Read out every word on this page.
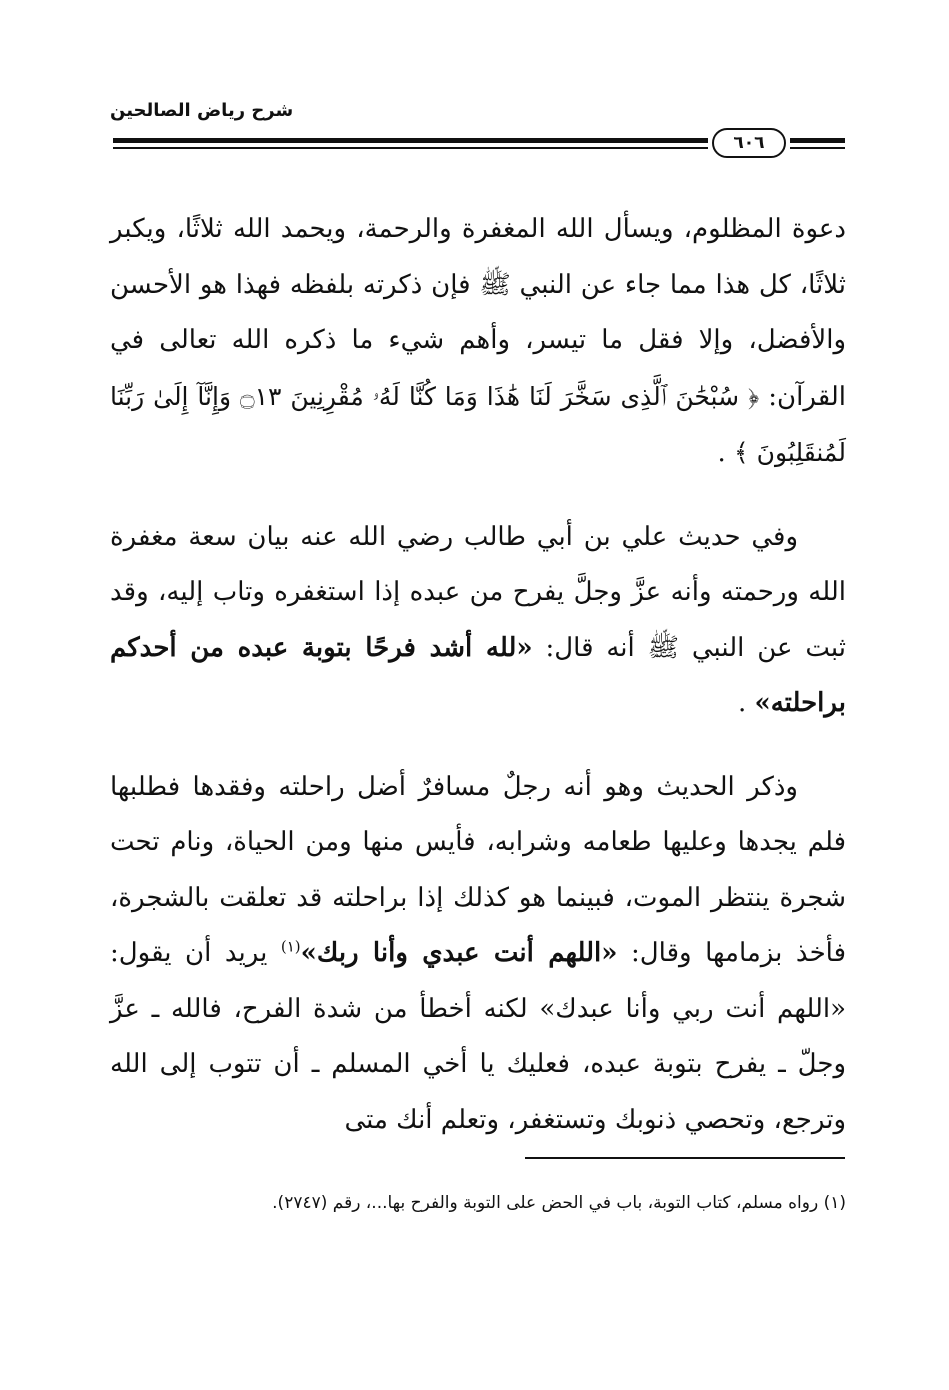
شرح رياض الصالحين
٦٠٦

دعوة المظلوم، ويسأل الله المغفرة والرحمة، ويحمد الله ثلاثًا، ويكبر ثلاثًا، كل هذا مما جاء عن النبي ﷺ فإن ذكرته بلفظه فهذا هو الأحسن والأفضل، وإلا فقل ما تيسر، وأهم شيء ما ذكره الله تعالى في القرآن: ﴿ سُبْحَٰنَ ٱلَّذِى سَخَّرَ لَنَا هَٰذَا وَمَا كُنَّا لَهُۥ مُقْرِنِينَ ۝١٣ وَإِنَّآ إِلَىٰ رَبِّنَا لَمُنقَلِبُونَ ﴾ .

وفي حديث علي بن أبي طالب رضي الله عنه بيان سعة مغفرة الله ورحمته وأنه عزَّ وجلَّ يفرح من عبده إذا استغفره وتاب إليه، وقد ثبت عن النبي ﷺ أنه قال: «لله أشد فرحًا بتوبة عبده من أحدكم براحلته» .

وذكر الحديث وهو أنه رجلٌ مسافرٌ أضل راحلته وفقدها فطلبها فلم يجدها وعليها طعامه وشرابه، فأيس منها ومن الحياة، ونام تحت شجرة ينتظر الموت، فبينما هو كذلك إذا براحلته قد تعلقت بالشجرة، فأخذ بزمامها وقال: «اللهم أنت عبدي وأنا ربك»$^{(١)}$ يريد أن يقول: «اللهم أنت ربي وأنا عبدك» لكنه أخطأ من شدة الفرح، فالله ـ عزَّ وجلّ ـ يفرح بتوبة عبده، فعليك يا أخي المسلم ـ أن تتوب إلى الله وترجع، وتحصي ذنوبك وتستغفر، وتعلم أنك متى

(١) رواه مسلم، كتاب التوبة، باب في الحض على التوبة والفرح بها...، رقم (٢٧٤٧).
